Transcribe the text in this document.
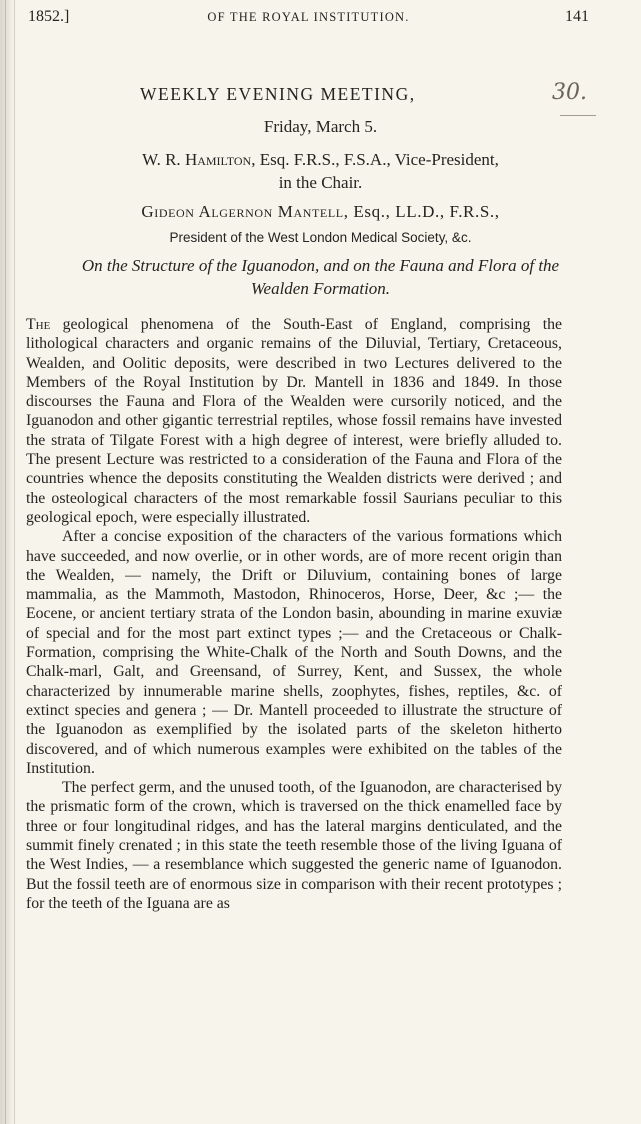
1852.]	OF THE ROYAL INSTITUTION.	141
WEEKLY EVENING MEETING,	30.
Friday, March 5.
W. R. Hamilton, Esq. F.R.S., F.S.A., Vice-President,
in the Chair.
Gideon Algernon Mantell, Esq., LL.D., F.R.S.,
President of the West London Medical Society, &c.
On the Structure of the Iguanodon, and on the Fauna and Flora of the
Wealden Formation.

The geological phenomena of the South-East of England, comprising the lithological characters and organic remains of the Diluvial, Tertiary, Cretaceous, Wealden, and Oolitic deposits, were described in two Lectures delivered to the Members of the Royal Institution by Dr. Mantell in 1836 and 1849. In those discourses the Fauna and Flora of the Wealden were cursorily noticed, and the Iguanodon and other gigantic terrestrial reptiles, whose fossil remains have invested the strata of Tilgate Forest with a high degree of interest, were briefly alluded to. The present Lecture was restricted to a consideration of the Fauna and Flora of the countries whence the deposits constituting the Wealden districts were derived ; and the osteological characters of the most remarkable fossil Saurians peculiar to this geological epoch, were especially illustrated.

After a concise exposition of the characters of the various formations which have succeeded, and now overlie, or in other words, are of more recent origin than the Wealden, — namely, the Drift or Diluvium, containing bones of large mammalia, as the Mammoth, Mastodon, Rhinoceros, Horse, Deer, &c ;— the Eocene, or ancient tertiary strata of the London basin, abounding in marine exuviæ of special and for the most part extinct types ;— and the Cretaceous or Chalk-Formation, comprising the White-Chalk of the North and South Downs, and the Chalk-marl, Galt, and Greensand, of Surrey, Kent, and Sussex, the whole characterized by innumerable marine shells, zoophytes, fishes, reptiles, &c. of extinct species and genera ; — Dr. Mantell proceeded to illustrate the structure of the Iguanodon as exemplified by the isolated parts of the skeleton hitherto discovered, and of which numerous examples were exhibited on the tables of the Institution.

The perfect germ, and the unused tooth, of the Iguanodon, are characterised by the prismatic form of the crown, which is traversed on the thick enamelled face by three or four longitudinal ridges, and has the lateral margins denticulated, and the summit finely crenated ; in this state the teeth resemble those of the living Iguana of the West Indies, — a resemblance which suggested the generic name of Iguanodon. But the fossil teeth are of enormous size in comparison with their recent prototypes ; for the teeth of the Iguana are as
